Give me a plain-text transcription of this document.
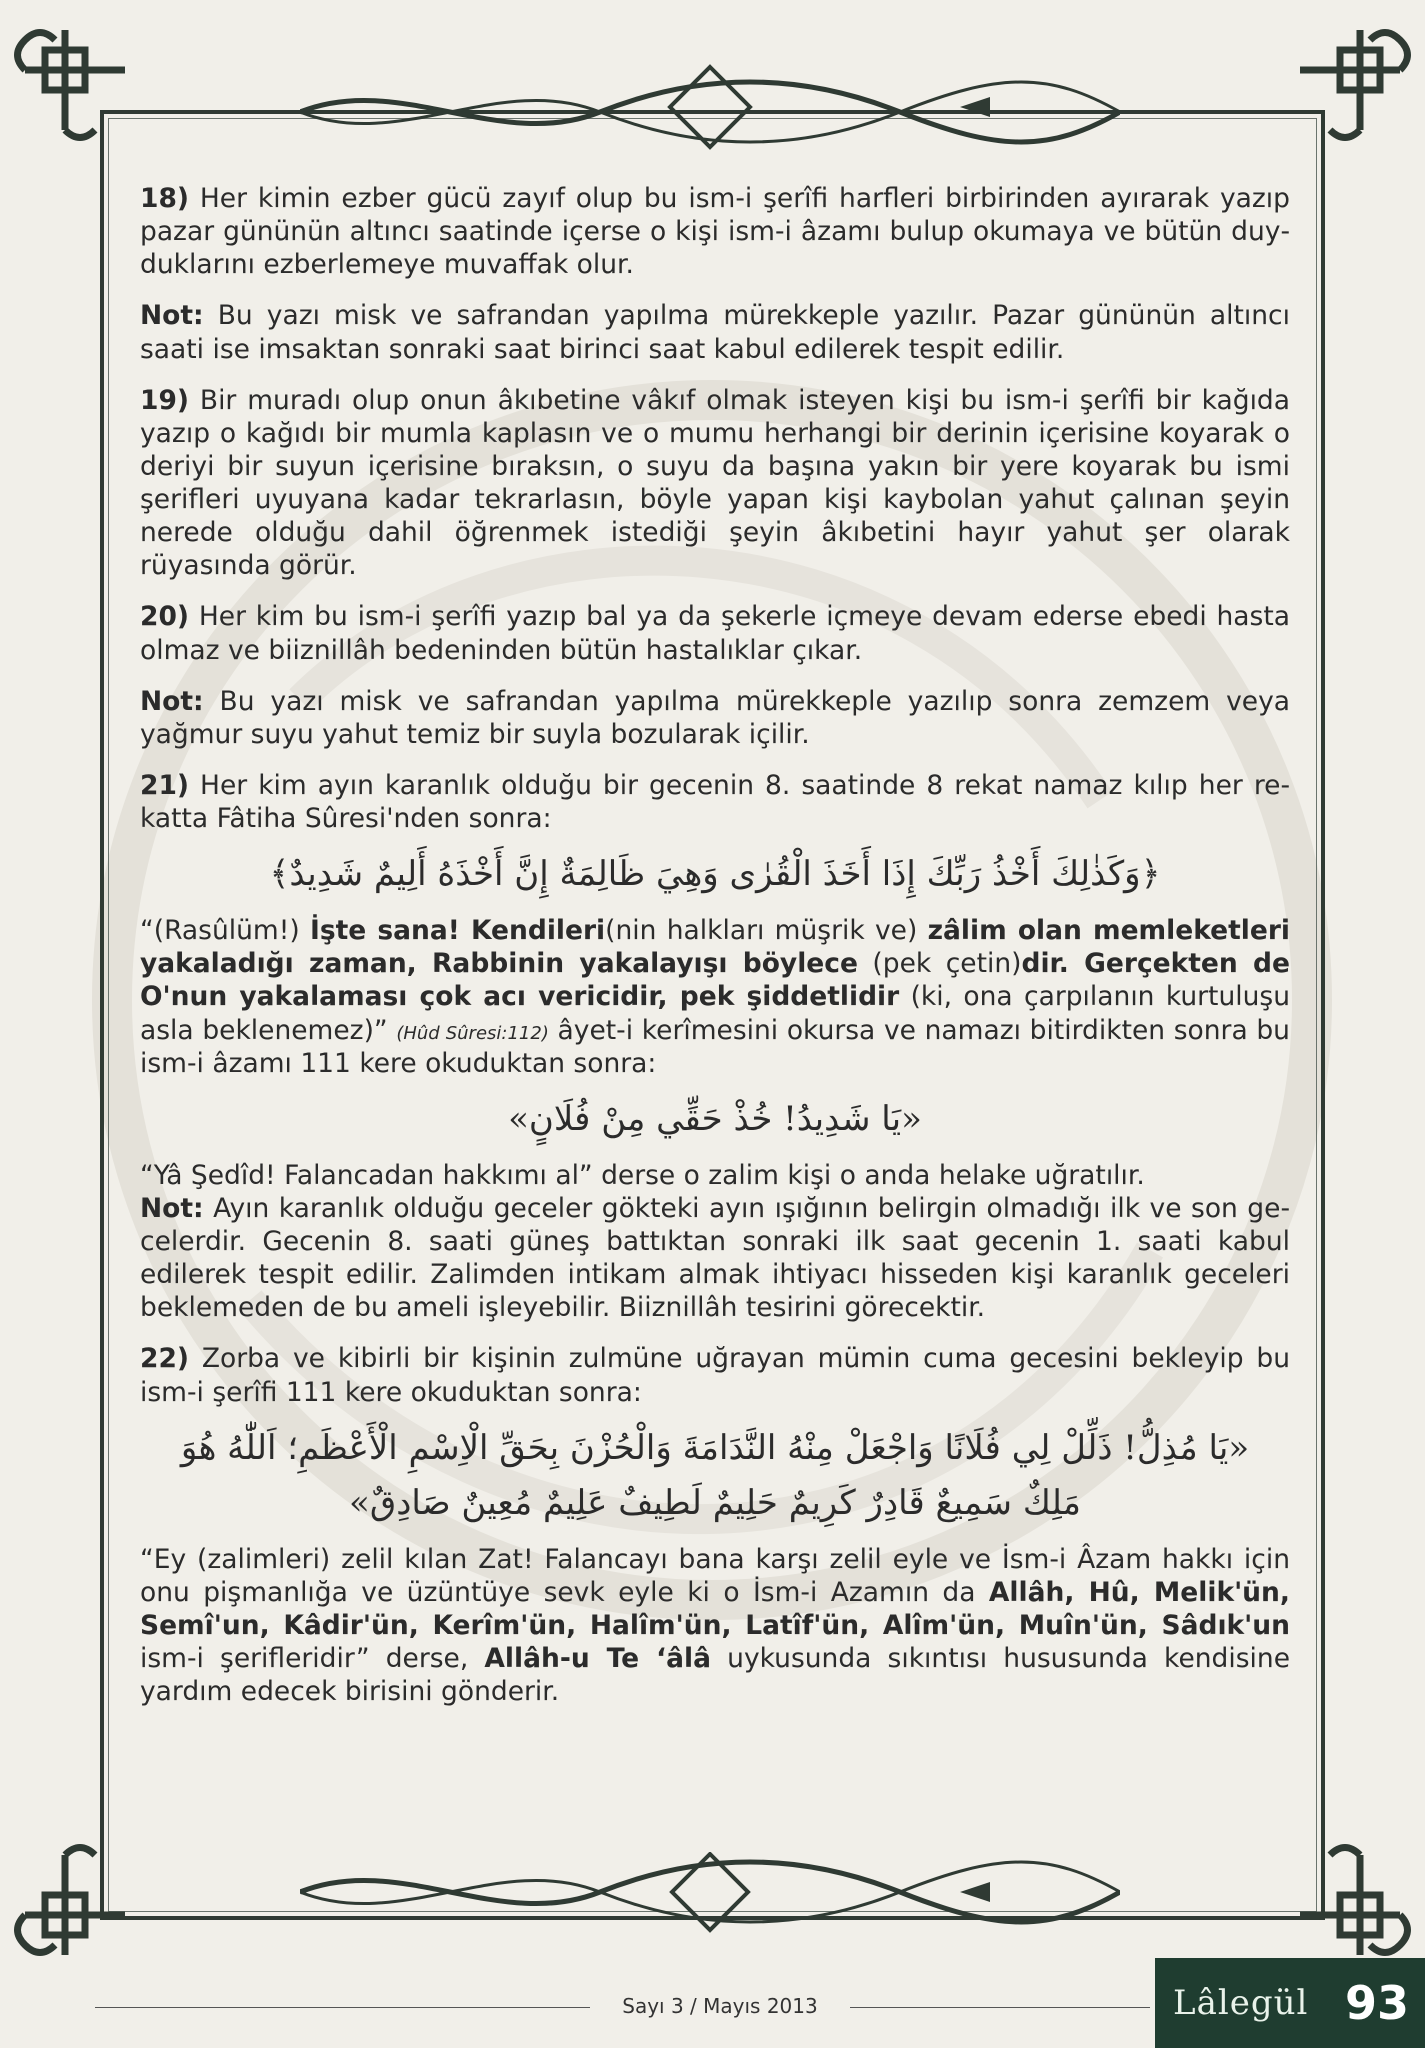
18) Her kimin ezber gücü zayıf olup bu ism-i şerîfi harfleri birbirinden ayırarak yazıp pazar gününün altıncı saatinde içerse o kişi ism-i âzamı bulup okumaya ve bütün duyduklarını ezberlemeye muvaffak olur.

Not: Bu yazı misk ve safrandan yapılma mürekkeple yazılır. Pazar gününün altıncı saati ise imsaktan sonraki saat birinci saat kabul edilerek tespit edilir.

19) Bir muradı olup onun âkıbetine vâkıf olmak isteyen kişi bu ism-i şerîfi bir kağıda yazıp o kağıdı bir mumla kaplasın ve o mumu herhangi bir derinin içerisine koyarak o deriyi bir suyun içerisine bıraksın, o suyu da başına yakın bir yere koyarak bu ismi şerifleri uyuyana kadar tekrarlasın, böyle yapan kişi kaybolan yahut çalınan şeyin nerede olduğu dahil öğrenmek istediği şeyin âkıbetini hayır yahut şer olarak rüyasında görür.

20) Her kim bu ism-i şerîfi yazıp bal ya da şekerle içmeye devam ederse ebedi hasta olmaz ve biiznillâh bedeninden bütün hastalıklar çıkar.

Not: Bu yazı misk ve safrandan yapılma mürekkeple yazılıp sonra zemzem veya yağmur suyu yahut temiz bir suyla bozularak içilir.

21) Her kim ayın karanlık olduğu bir gecenin 8. saatinde 8 rekat namaz kılıp her rekatta Fâtiha Sûresi'nden sonra:

﴿وَكَذٰلِكَ أَخْذُ رَبِّكَ إِذَا أَخَذَ الْقُرٰى وَهِيَ ظَالِمَةٌ إِنَّ أَخْذَهُ أَلِيمٌ شَدِيدٌ﴾

“(Rasûlüm!) İşte sana! Kendileri(nin halkları müşrik ve) zâlim olan memleketleri yakaladığı zaman, Rabbinin yakalayışı böylece (pek çetin)dir. Gerçekten de O'nun yakalaması çok acı vericidir, pek şiddetlidir (ki, ona çarpılanın kurtuluşu asla beklenemez)” (Hûd Sûresi:112) âyet-i kerîmesini okursa ve namazı bitirdikten sonra bu ism-i âzamı 111 kere okuduktan sonra:

«يَا شَدِيدُ! خُذْ حَقِّي مِنْ فُلَانٍ»

“Yâ Şedîd! Falancadan hakkımı al” derse o zalim kişi o anda helake uğratılır.

Not: Ayın karanlık olduğu geceler gökteki ayın ışığının belirgin olmadığı ilk ve son gecelerdir. Gecenin 8. saati güneş battıktan sonraki ilk saat gecenin 1. saati kabul edilerek tespit edilir. Zalimden intikam almak ihtiyacı hisseden kişi karanlık geceleri beklemeden de bu ameli işleyebilir. Biiznillâh tesirini görecektir.

22) Zorba ve kibirli bir kişinin zulmüne uğrayan mümin cuma gecesini bekleyip bu ism-i şerîfi 111 kere okuduktan sonra:

«يَا مُذِلُّ! ذَلِّلْ لِي فُلَانًا وَاجْعَلْ مِنْهُ النَّدَامَةَ وَالْحُزْنَ بِحَقِّ الْاِسْمِ الْأَعْظَمِ؛ اَللّٰهُ هُوَ
مَلِكٌ سَمِيعٌ قَادِرٌ كَرِيمٌ حَلِيمٌ لَطِيفٌ عَلِيمٌ مُعِينٌ صَادِقٌ»

“Ey (zalimleri) zelil kılan Zat! Falancayı bana karşı zelil eyle ve İsm-i Âzam hakkı için onu pişmanlığa ve üzüntüye sevk eyle ki o İsm-i Azamın da Allâh, Hû, Melik'ün, Semî'un, Kâdir'ün, Kerîm'ün, Halîm'ün, Latîf'ün, Alîm'ün, Muîn'ün, Sâdık'un ism-i şerifleridir” derse, Allâh-u Te ‘âlâ uykusunda sıkıntısı hususunda kendisine yardım edecek birisini gönderir.

Sayı 3 / Mayıs 2013	Lâlegül 93
